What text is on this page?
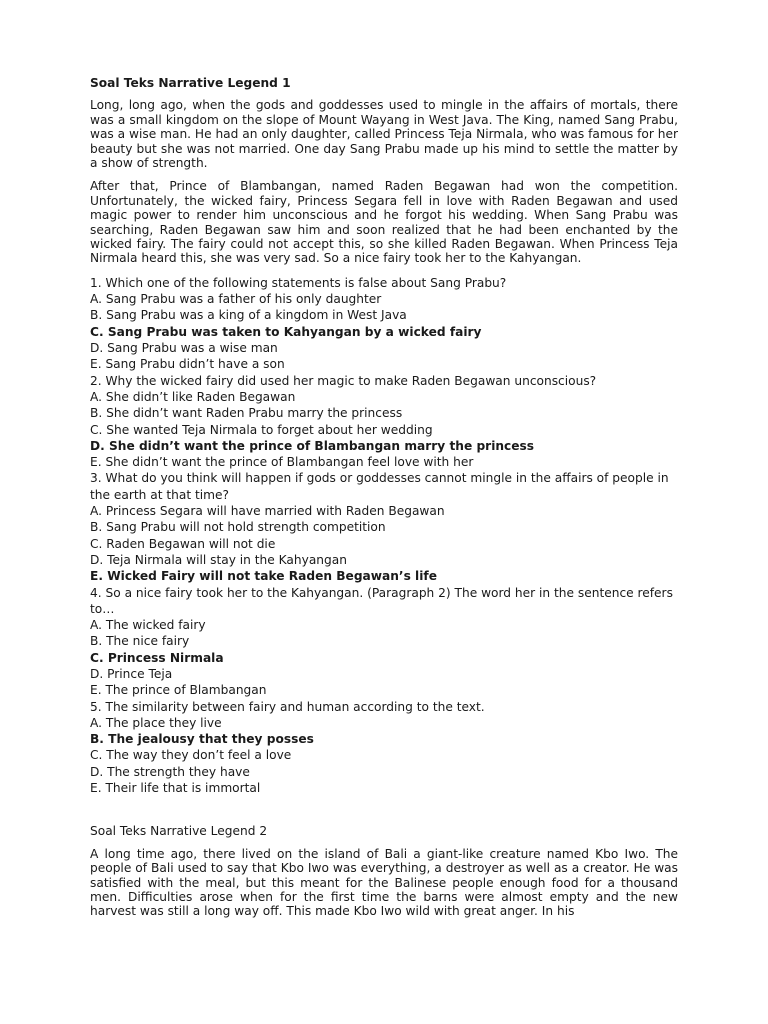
Soal Teks Narrative Legend 1
Long, long ago, when the gods and goddesses used to mingle in the affairs of mortals, there was a small kingdom on the slope of Mount Wayang in West Java. The King, named Sang Prabu, was a wise man. He had an only daughter, called Princess Teja Nirmala, who was famous for her beauty but she was not married. One day Sang Prabu made up his mind to settle the matter by a show of strength.
After that, Prince of Blambangan, named Raden Begawan had won the competition. Unfortunately, the wicked fairy, Princess Segara fell in love with Raden Begawan and used magic power to render him unconscious and he forgot his wedding. When Sang Prabu was searching, Raden Begawan saw him and soon realized that he had been enchanted by the wicked fairy. The fairy could not accept this, so she killed Raden Begawan. When Princess Teja Nirmala heard this, she was very sad. So a nice fairy took her to the Kahyangan.
1. Which one of the following statements is false about Sang Prabu?
A. Sang Prabu was a father of his only daughter
B. Sang Prabu was a king of a kingdom in West Java
C. Sang Prabu was taken to Kahyangan by a wicked fairy
D. Sang Prabu was a wise man
E. Sang Prabu didn’t have a son
2. Why the wicked fairy did used her magic to make Raden Begawan unconscious?
A. She didn’t like Raden Begawan
B. She didn’t want Raden Prabu marry the princess
C. She wanted Teja Nirmala to forget about her wedding
D. She didn’t want the prince of Blambangan marry the princess
E. She didn’t want the prince of Blambangan feel love with her
3. What do you think will happen if gods or goddesses cannot mingle in the affairs of people in the earth at that time?
A. Princess Segara will have married with Raden Begawan
B. Sang Prabu will not hold strength competition
C. Raden Begawan will not die
D. Teja Nirmala will stay in the Kahyangan
E. Wicked Fairy will not take Raden Begawan’s life
4. So a nice fairy took her to the Kahyangan. (Paragraph 2) The word her in the sentence refers to…
A. The wicked fairy
B. The nice fairy
C. Princess Nirmala
D. Prince Teja
E. The prince of Blambangan
5. The similarity between fairy and human according to the text.
A. The place they live
B. The jealousy that they posses
C. The way they don’t feel a love
D. The strength they have
E. Their life that is immortal
Soal Teks Narrative Legend 2
A long time ago, there lived on the island of Bali a giant-like creature named Kbo Iwo. The people of Bali used to say that Kbo Iwo was everything, a destroyer as well as a creator. He was satisfied with the meal, but this meant for the Balinese people enough food for a thousand men. Difficulties arose when for the first time the barns were almost empty and the new harvest was still a long way off. This made Kbo Iwo wild with great anger. In his
